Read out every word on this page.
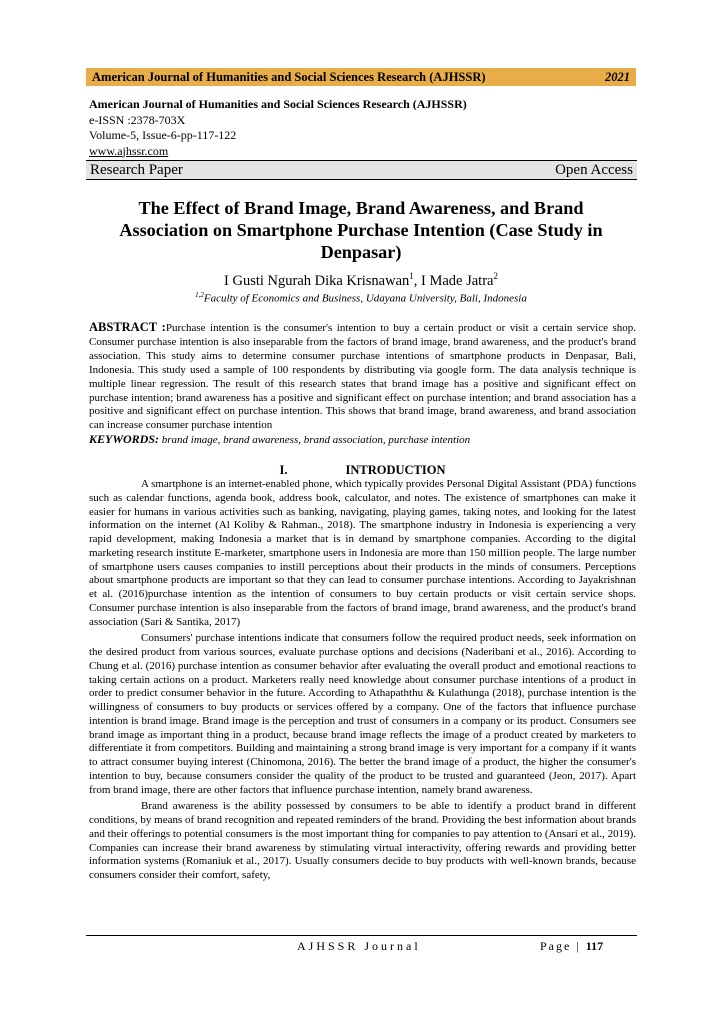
American Journal of Humanities and Social Sciences Research (AJHSSR)	2021
American Journal of Humanities and Social Sciences Research (AJHSSR)
e-ISSN :2378-703X
Volume-5, Issue-6-pp-117-122
www.ajhssr.com
Research Paper	Open Access
The Effect of Brand Image, Brand Awareness, and Brand Association on Smartphone Purchase Intention (Case Study in Denpasar)
I Gusti Ngurah Dika Krisnawan$^1$, I Made Jatra$^2$
$^{1,2}$Faculty of Economics and Business, Udayana University, Bali, Indonesia
ABSTRACT :Purchase intention is the consumer's intention to buy a certain product or visit a certain service shop. Consumer purchase intention is also inseparable from the factors of brand image, brand awareness, and the product's brand association. This study aims to determine consumer purchase intentions of smartphone products in Denpasar, Bali, Indonesia. This study used a sample of 100 respondents by distributing via google form. The data analysis technique is multiple linear regression. The result of this research states that brand image has a positive and significant effect on purchase intention; brand awareness has a positive and significant effect on purchase intention; and brand association has a positive and significant effect on purchase intention. This shows that brand image, brand awareness, and brand association can increase consumer purchase intention
KEYWORDS: brand image, brand awareness, brand association, purchase intention
I.	INTRODUCTION

A smartphone is an internet-enabled phone, which typically provides Personal Digital Assistant (PDA) functions such as calendar functions, agenda book, address book, calculator, and notes. The existence of smartphones can make it easier for humans in various activities such as banking, navigating, playing games, taking notes, and looking for the latest information on the internet (Al Koliby & Rahman., 2018). The smartphone industry in Indonesia is experiencing a very rapid development, making Indonesia a market that is in demand by smartphone companies. According to the digital marketing research institute E-marketer, smartphone users in Indonesia are more than 150 million people. The large number of smartphone users causes companies to instill perceptions about their products in the minds of consumers. Perceptions about smartphone products are important so that they can lead to consumer purchase intentions. According to Jayakrishnan et al. (2016)purchase intention as the intention of consumers to buy certain products or visit certain service shops. Consumer purchase intention is also inseparable from the factors of brand image, brand awareness, and the product's brand association (Sari & Santika, 2017)

Consumers' purchase intentions indicate that consumers follow the required product needs, seek information on the desired product from various sources, evaluate purchase options and decisions (Naderibani et al., 2016). According to Chung et al. (2016) purchase intention as consumer behavior after evaluating the overall product and emotional reactions to taking certain actions on a product. Marketers really need knowledge about consumer purchase intentions of a product in order to predict consumer behavior in the future. According to Athapaththu & Kulathunga (2018), purchase intention is the willingness of consumers to buy products or services offered by a company. One of the factors that influence purchase intention is brand image. Brand image is the perception and trust of consumers in a company or its product. Consumers see brand image as important thing in a product, because brand image reflects the image of a product created by marketers to differentiate it from competitors. Building and maintaining a strong brand image is very important for a company if it wants to attract consumer buying interest (Chinomona, 2016). The better the brand image of a product, the higher the consumer's intention to buy, because consumers consider the quality of the product to be trusted and guaranteed (Jeon, 2017). Apart from brand image, there are other factors that influence purchase intention, namely brand awareness.

Brand awareness is the ability possessed by consumers to be able to identify a product brand in different conditions, by means of brand recognition and repeated reminders of the brand. Providing the best information about brands and their offerings to potential consumers is the most important thing for companies to pay attention to (Ansari et al., 2019). Companies can increase their brand awareness by stimulating virtual interactivity, offering rewards and providing better information systems (Romaniuk et al., 2017). Usually consumers decide to buy products with well-known brands, because consumers consider their comfort, safety,

AJHSSR Journal	Page | 117
